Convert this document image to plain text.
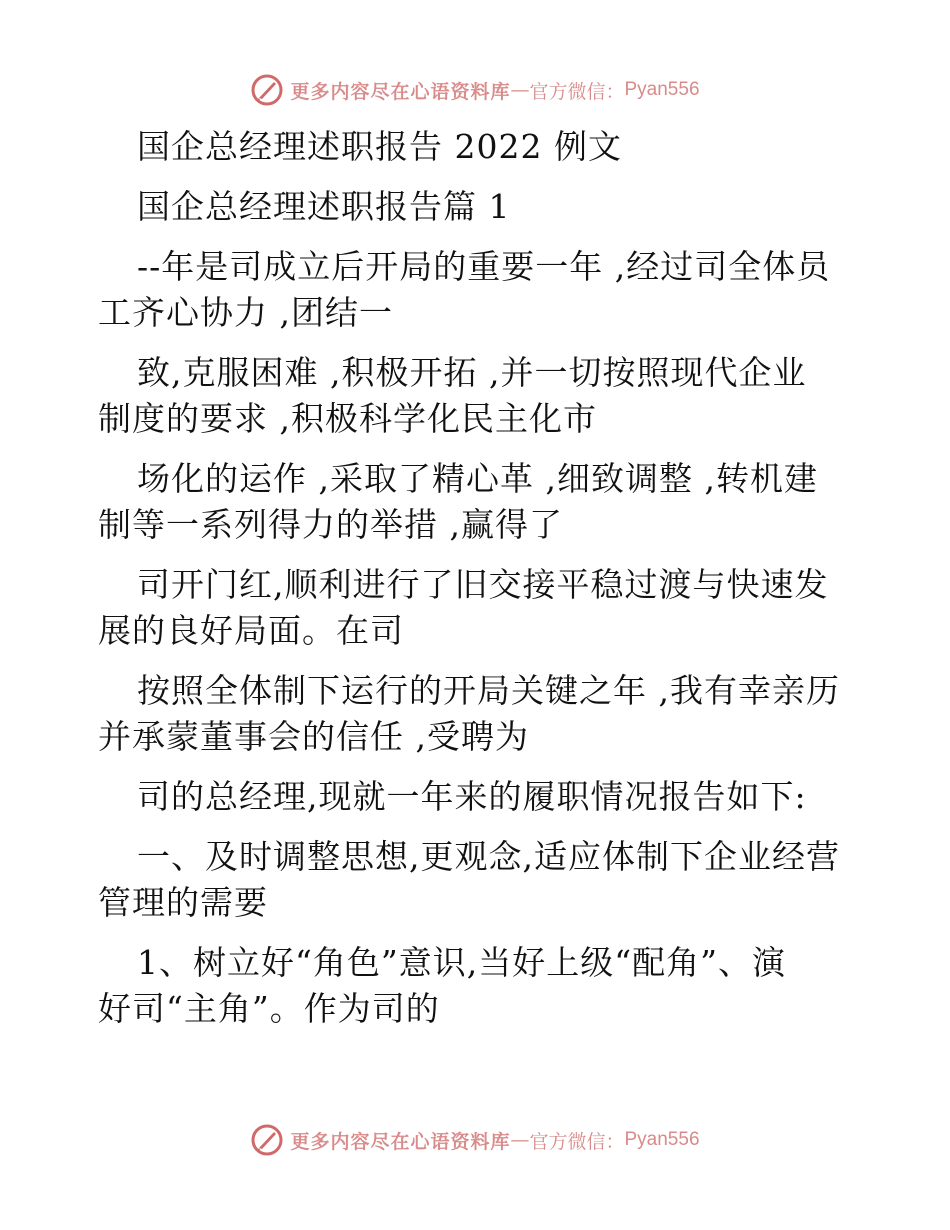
更多内容尽在心语资料库 — 官方微信： Pyan556
国企总经理述职报告 2022 例文
国企总经理述职报告篇 1
--年是司成立后开局的重要一年 ,经过司全体员
工齐心协力 ,团结一
致,克服困难 ,积极开拓 ,并一切按照现代企业
制度的要求 ,积极科学化民主化市
场化的运作 ,采取了精心革 ,细致调整 ,转机建
制等一系列得力的举措 ,赢得了
司开门红,顺利进行了旧交接平稳过渡与快速发
展的良好局面。在司
按照全体制下运行的开局关键之年 ,我有幸亲历
并承蒙董事会的信任 ,受聘为
司的总经理,现就一年来的履职情况报告如下:
一、及时调整思想,更观念,适应体制下企业经营
管理的需要
1、树立好“角色”意识,当好上级“配角”、演
好司“主角”。作为司的
更多内容尽在心语资料库 — 官方微信： Pyan556
